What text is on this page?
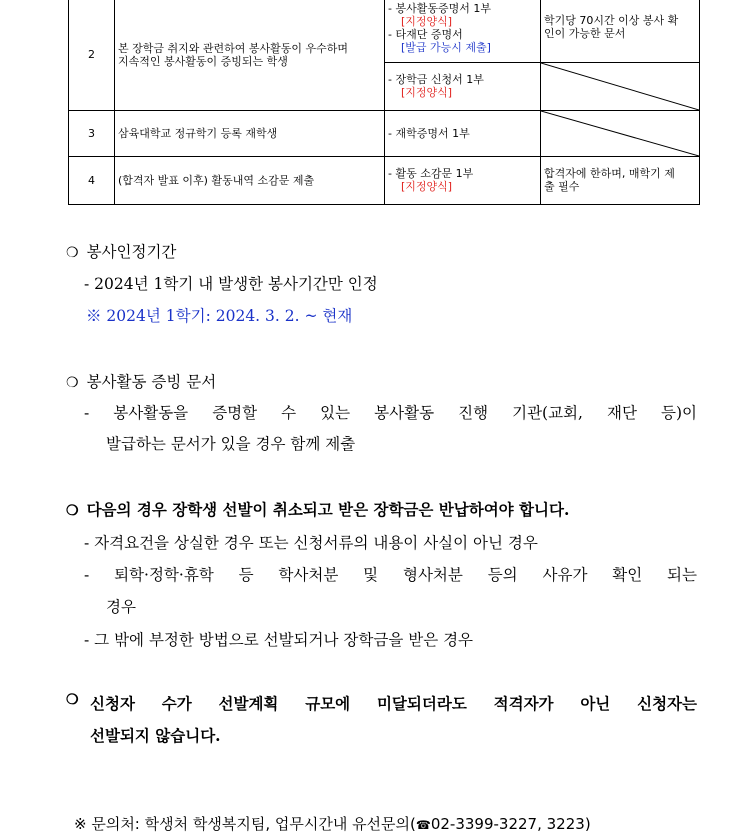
2	본 장학금 취지와 관련하여 봉사활동이 우수하며
지속적인 봉사활동이 증빙되는 학생	- 봉사활동증명서 1부
[지정양식]
- 타재단 증명서
[발급 가능시 제출]	학기당 70시간 이상 봉사 확
인이 가능한 문서

		- 장학금 신청서 1부
[지정양식]

3	삼육대학교 정규학기 등록 재학생	- 재학증명서 1부	

4	(합격자 발표 이후) 활동내역 소감문 제출	- 활동 소감문 1부
[지정양식]	합격자에 한하며, 매학기 제
출 필수
❍ 봉사인정기간
- 2024년 1학기 내 발생한 봉사기간만 인정
※ 2024년 1학기: 2024. 3. 2. ~ 현재
❍ 봉사활동 증빙 문서
- 봉사활동을 증명할 수 있는 봉사활동 진행 기관(교회, 재단 등)이
발급하는 문서가 있을 경우 함께 제출
❍ 다음의 경우 장학생 선발이 취소되고 받은 장학금은 반납하여야 합니다.
- 자격요건을 상실한 경우 또는 신청서류의 내용이 사실이 아닌 경우
- 퇴학·정학·휴학 등 학사처분 및 형사처분 등의 사유가 확인 되는
경우
- 그 밖에 부정한 방법으로 선발되거나 장학금을 받은 경우
❍ 신청자 수가 선발계획 규모에 미달되더라도 적격자가 아닌 신청자는
선발되지 않습니다.
※ 문의처: 학생처 학생복지팀, 업무시간내 유선문의(☎02-3399-3227, 3223)
